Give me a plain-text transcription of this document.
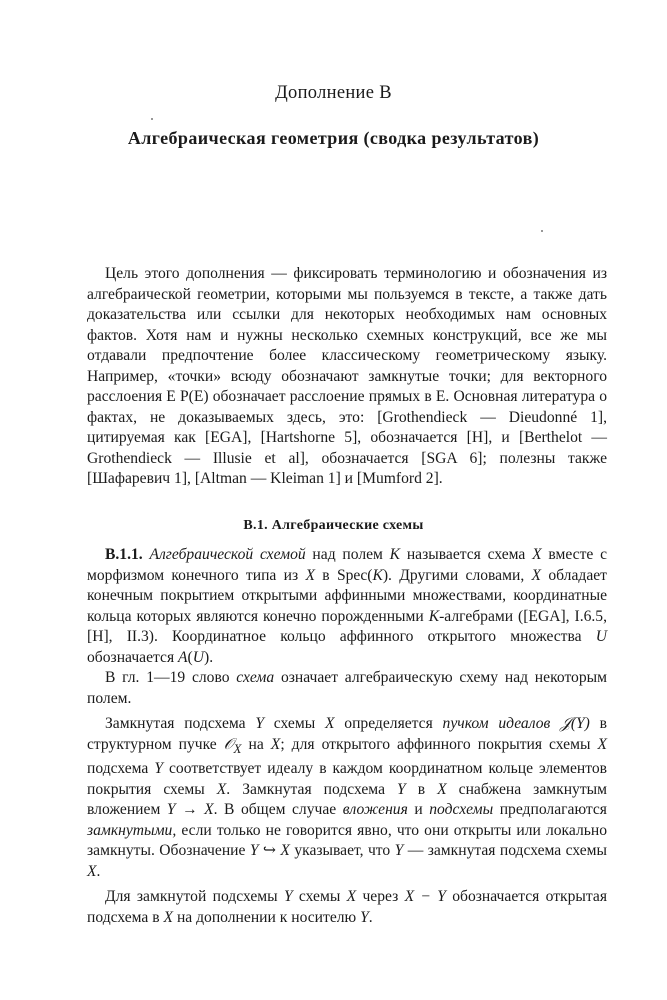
Дополнение B
Алгебраическая геометрия (сводка результатов)

Цель этого дополнения — фиксировать терминологию и обозначения из алгебраической геометрии, которыми мы пользуемся в тексте, а также дать доказательства или ссылки для некоторых необходимых нам основных фактов. Хотя нам и нужны несколько схемных конструкций, все же мы отдавали предпочтение более классическому геометрическому языку. Например, «точки» всюду обозначают замкнутые точки; для векторного расслоения E P(E) обозначает расслоение прямых в E. Основная литература о фактах, не доказываемых здесь, это: [Grothendieck — Dieudonné 1], цитируемая как [EGA], [Hartshorne 5], обозначается [H], и [Berthelot — Grothendieck — Illusie et al], обозначается [SGA 6]; полезны также [Шафаревич 1], [Altman — Kleiman 1] и [Mumford 2].

B.1. Алгебраические схемы

B.1.1. Алгебраической схемой над полем K называется схема X вместе с морфизмом конечного типа из X в Spec(K). Другими словами, X обладает конечным покрытием открытыми аффинными множествами, координатные кольца которых являются конечно порожденными K-алгебрами ([EGA], I.6.5, [H], II.3). Координатное кольцо аффинного открытого множества U обозначается A(U).

В гл. 1—19 слово схема означает алгебраическую схему над некоторым полем.

Замкнутая подсхема Y схемы X определяется пучком идеалов 𝒥(Y) в структурном пучке 𝒪$_X$ на X; для открытого аффинного покрытия схемы X подсхема Y соответствует идеалу в каждом координатном кольце элементов покрытия схемы X. Замкнутая подсхема Y в X снабжена замкнутым вложением Y → X. В общем случае вложения и подсхемы предполагаются замкнутыми, если только не говорится явно, что они открыты или локально замкнуты. Обозначение Y ↪ X указывает, что Y — замкнутая подсхема схемы X.

Для замкнутой подсхемы Y схемы X через X − Y обозначается открытая подсхема в X на дополнении к носителю Y.
